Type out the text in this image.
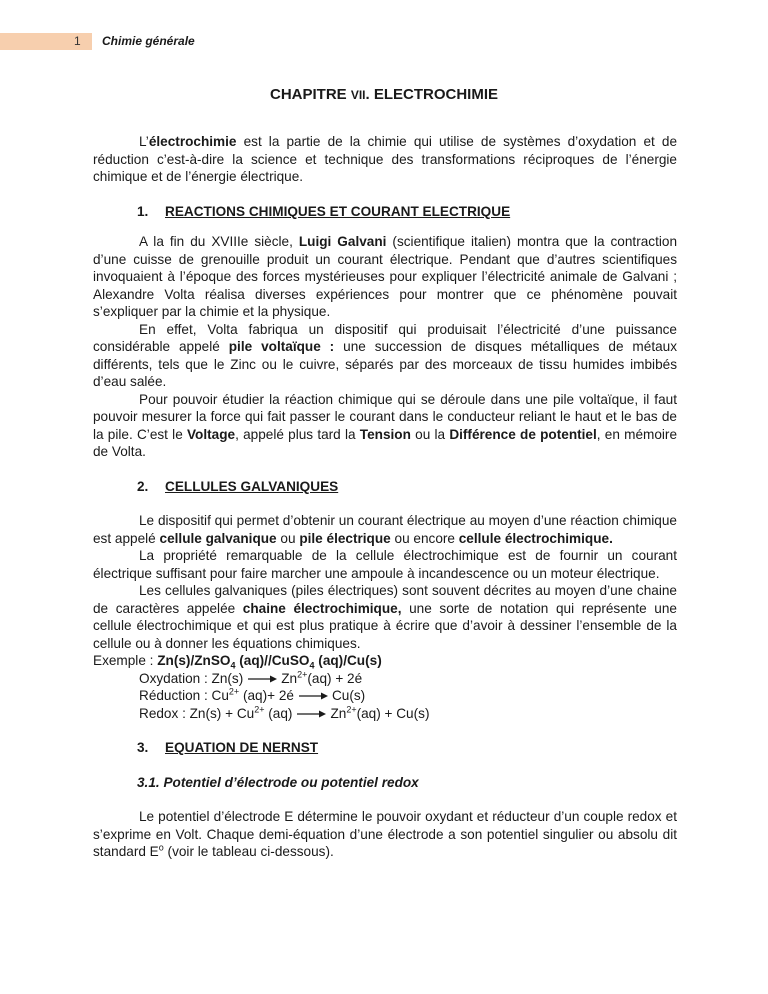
1 Chimie générale
CHAPITRE VII. ELECTROCHIMIE

L’électrochimie est la partie de la chimie qui utilise de systèmes d’oxydation et de réduction c’est-à-dire la science et technique des transformations réciproques de l’énergie chimique et de l’énergie électrique.

1. REACTIONS CHIMIQUES ET COURANT ELECTRIQUE

A la fin du XVIIIe siècle, Luigi Galvani (scientifique italien) montra que la contraction d’une cuisse de grenouille produit un courant électrique. Pendant que d’autres scientifiques invoquaient à l’époque des forces mystérieuses pour expliquer l’électricité animale de Galvani ; Alexandre Volta réalisa diverses expériences pour montrer que ce phénomène pouvait s’expliquer par la chimie et la physique.

En effet, Volta fabriqua un dispositif qui produisait l’électricité d’une puissance considérable appelé pile voltaïque : une succession de disques métalliques de métaux différents, tels que le Zinc ou le cuivre, séparés par des morceaux de tissu humides imbibés d’eau salée.

Pour pouvoir étudier la réaction chimique qui se déroule dans une pile voltaïque, il faut pouvoir mesurer la force qui fait passer le courant dans le conducteur reliant le haut et le bas de la pile. C’est le Voltage, appelé plus tard la Tension ou la Différence de potentiel, en mémoire de Volta.

2. CELLULES GALVANIQUES

Le dispositif qui permet d’obtenir un courant électrique au moyen d’une réaction chimique est appelé cellule galvanique ou pile électrique ou encore cellule électrochimique.

La propriété remarquable de la cellule électrochimique est de fournir un courant électrique suffisant pour faire marcher une ampoule à incandescence ou un moteur électrique.

Les cellules galvaniques (piles électriques) sont souvent décrites au moyen d’une chaine de caractères appelée chaine électrochimique, une sorte de notation qui représente une cellule électrochimique et qui est plus pratique à écrire que d’avoir à dessiner l’ensemble de la cellule ou à donner les équations chimiques.

Exemple : Zn(s)/ZnSO$_4$ (aq)//CuSO$_4$ (aq)/Cu(s)
Oxydation : $Zn(s) \to Zn^{2+}(aq)$ + 2é
Réduction : $Cu^{2+}$ (aq)+ 2é → Cu(s)
Redox : $Zn(s) + Cu^{2+}$ $(aq) \to Zn^{2+}(aq) + Cu(s)$
3. EQUATION DE NERNST
3.1. Potentiel d’électrode ou potentiel redox

Le potentiel d’électrode E détermine le pouvoir oxydant et réducteur d’un couple redox et s’exprime en Volt. Chaque demi-équation d’une électrode a son potentiel singulier ou absolu dit standard $E^o$ (voir le tableau ci-dessous).
